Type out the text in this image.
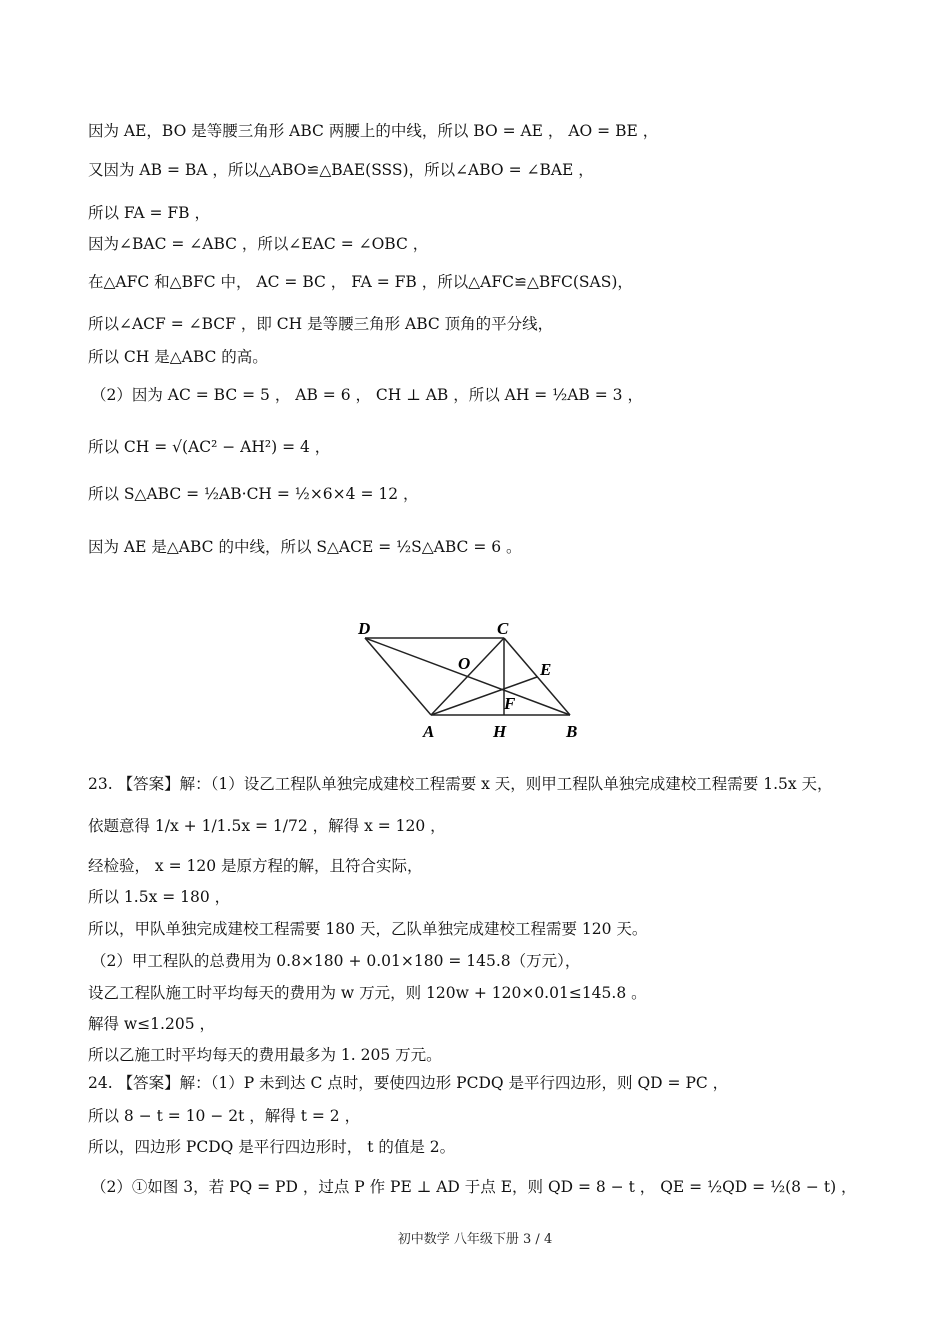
因为 AE，BO 是等腰三角形 ABC 两腰上的中线，所以 BO = AE ， AO = BE ，
又因为 AB = BA ，所以△ABO≌△BAE(SSS)，所以∠ABO = ∠BAE ，
所以 FA = FB ，
因为∠BAC = ∠ABC ，所以∠EAC = ∠OBC ，
在△AFC 和△BFC 中， AC = BC ， FA = FB ，所以△AFC≌△BFC(SAS)，
所以∠ACF = ∠BCF ，即 CH 是等腰三角形 ABC 顶角的平分线，
所以 CH 是△ABC 的高。
（2）因为 AC = BC = 5 ， AB = 6 ， CH ⊥ AB ，所以 AH = ½AB = 3 ，
所以 CH = √(AC² − AH²) = 4 ，
所以 S△ABC = ½AB·CH = ½×6×4 = 12 ，
因为 AE 是△ABC 的中线，所以 S△ACE = ½S△ABC = 6 。
D	C
O	E
F
A	H	B
23. 【答案】解：（1）设乙工程队单独完成建校工程需要 x 天，则甲工程队单独完成建校工程需要 1.5x 天，
依题意得 1/x + 1/1.5x = 1/72 ，解得 x = 120 ，
经检验， x = 120 是原方程的解，且符合实际，
所以 1.5x = 180 ，
所以，甲队单独完成建校工程需要 180 天，乙队单独完成建校工程需要 120 天。
（2）甲工程队的总费用为 0.8×180 + 0.01×180 = 145.8（万元），
设乙工程队施工时平均每天的费用为 w 万元，则 120w + 120×0.01≤145.8 。
解得 w≤1.205 ，
所以乙施工时平均每天的费用最多为 1. 205 万元。
24. 【答案】解：（1）P 未到达 C 点时，要使四边形 PCDQ 是平行四边形，则 QD = PC ，
所以 8 − t = 10 − 2t ，解得 t = 2 ，
所以，四边形 PCDQ 是平行四边形时， t 的值是 2。
（2）①如图 3，若 PQ = PD ，过点 P 作 PE ⊥ AD 于点 E，则 QD = 8 − t ， QE = ½QD = ½(8 − t) ，
初中数学 八年级下册 3 / 4
